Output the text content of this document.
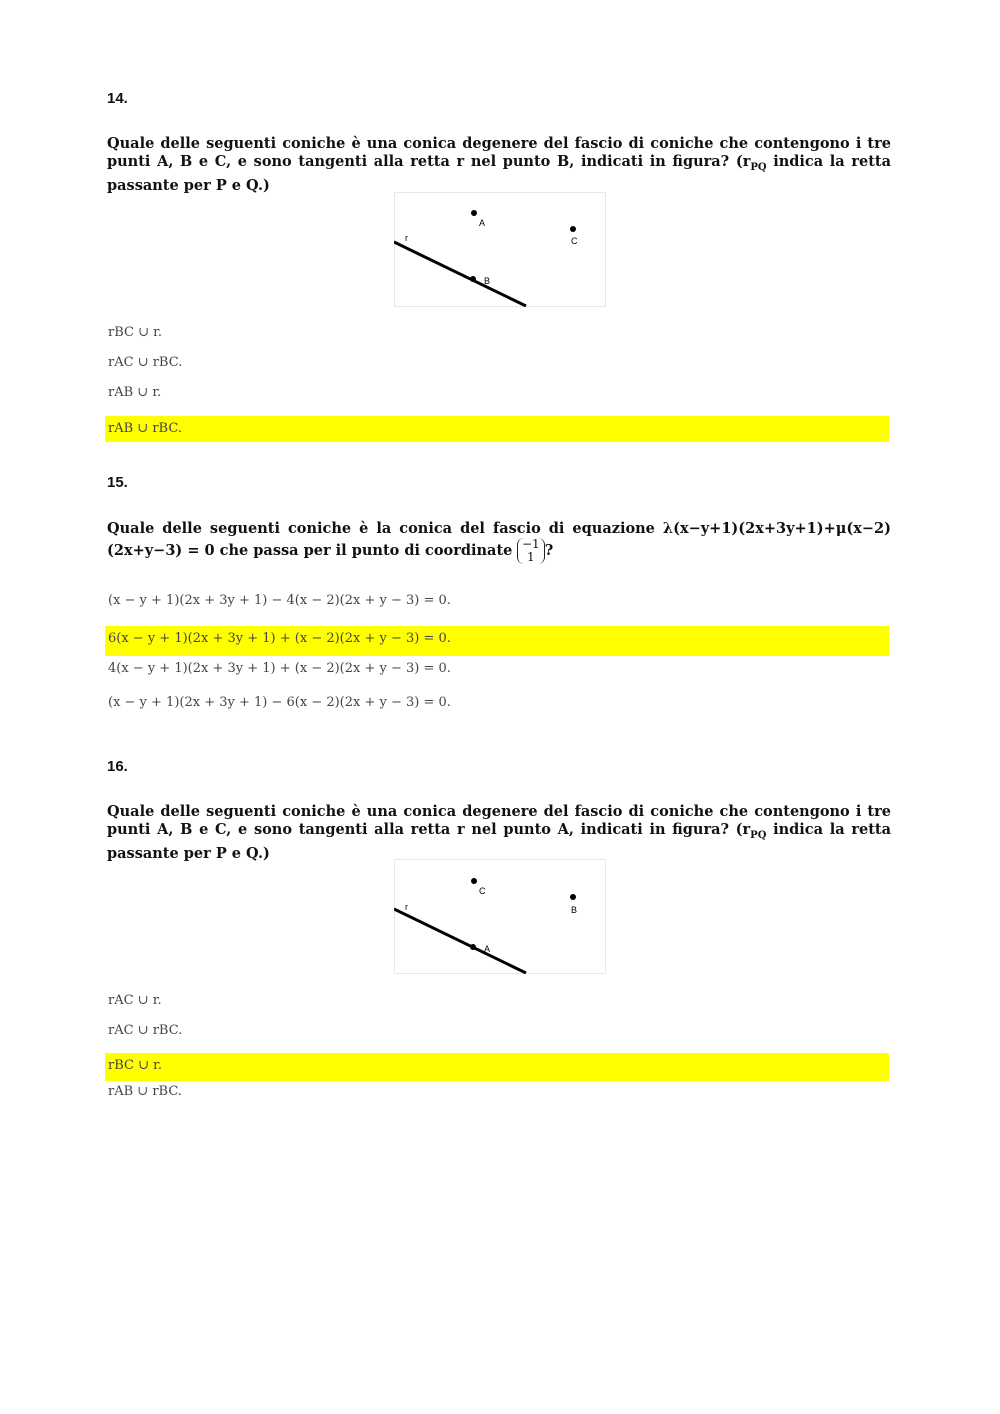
14.
Quale delle seguenti coniche è una conica degenere del fascio di coniche che contengono i tre punti A, B e C, e sono tangenti alla retta r nel punto B, indicati in figura? ($r_{PQ}$ indica la retta passante per P e Q.)
A
C
B
r
rBC ∪ r.
rAC ∪ rBC.
rAB ∪ r.
rAB ∪ rBC.
15.
Quale delle seguenti coniche è la conica del fascio di equazione λ(x−y+1)(2x+3y+1)+μ(x−2)(2x+y−3) = 0 che passa per il punto di coordinate −1
1 ?
(x − y + 1)(2x + 3y + 1) − 4(x − 2)(2x + y − 3) = 0.
6(x − y + 1)(2x + 3y + 1) + (x − 2)(2x + y − 3) = 0.
4(x − y + 1)(2x + 3y + 1) + (x − 2)(2x + y − 3) = 0.
(x − y + 1)(2x + 3y + 1) − 6(x − 2)(2x + y − 3) = 0.
16.
Quale delle seguenti coniche è una conica degenere del fascio di coniche che contengono i tre punti A, B e C, e sono tangenti alla retta r nel punto A, indicati in figura? ($r_{PQ}$ indica la retta passante per P e Q.)
C
B
A
r
rAC ∪ r.
rAC ∪ rBC.
rBC ∪ r.
rAB ∪ rBC.
